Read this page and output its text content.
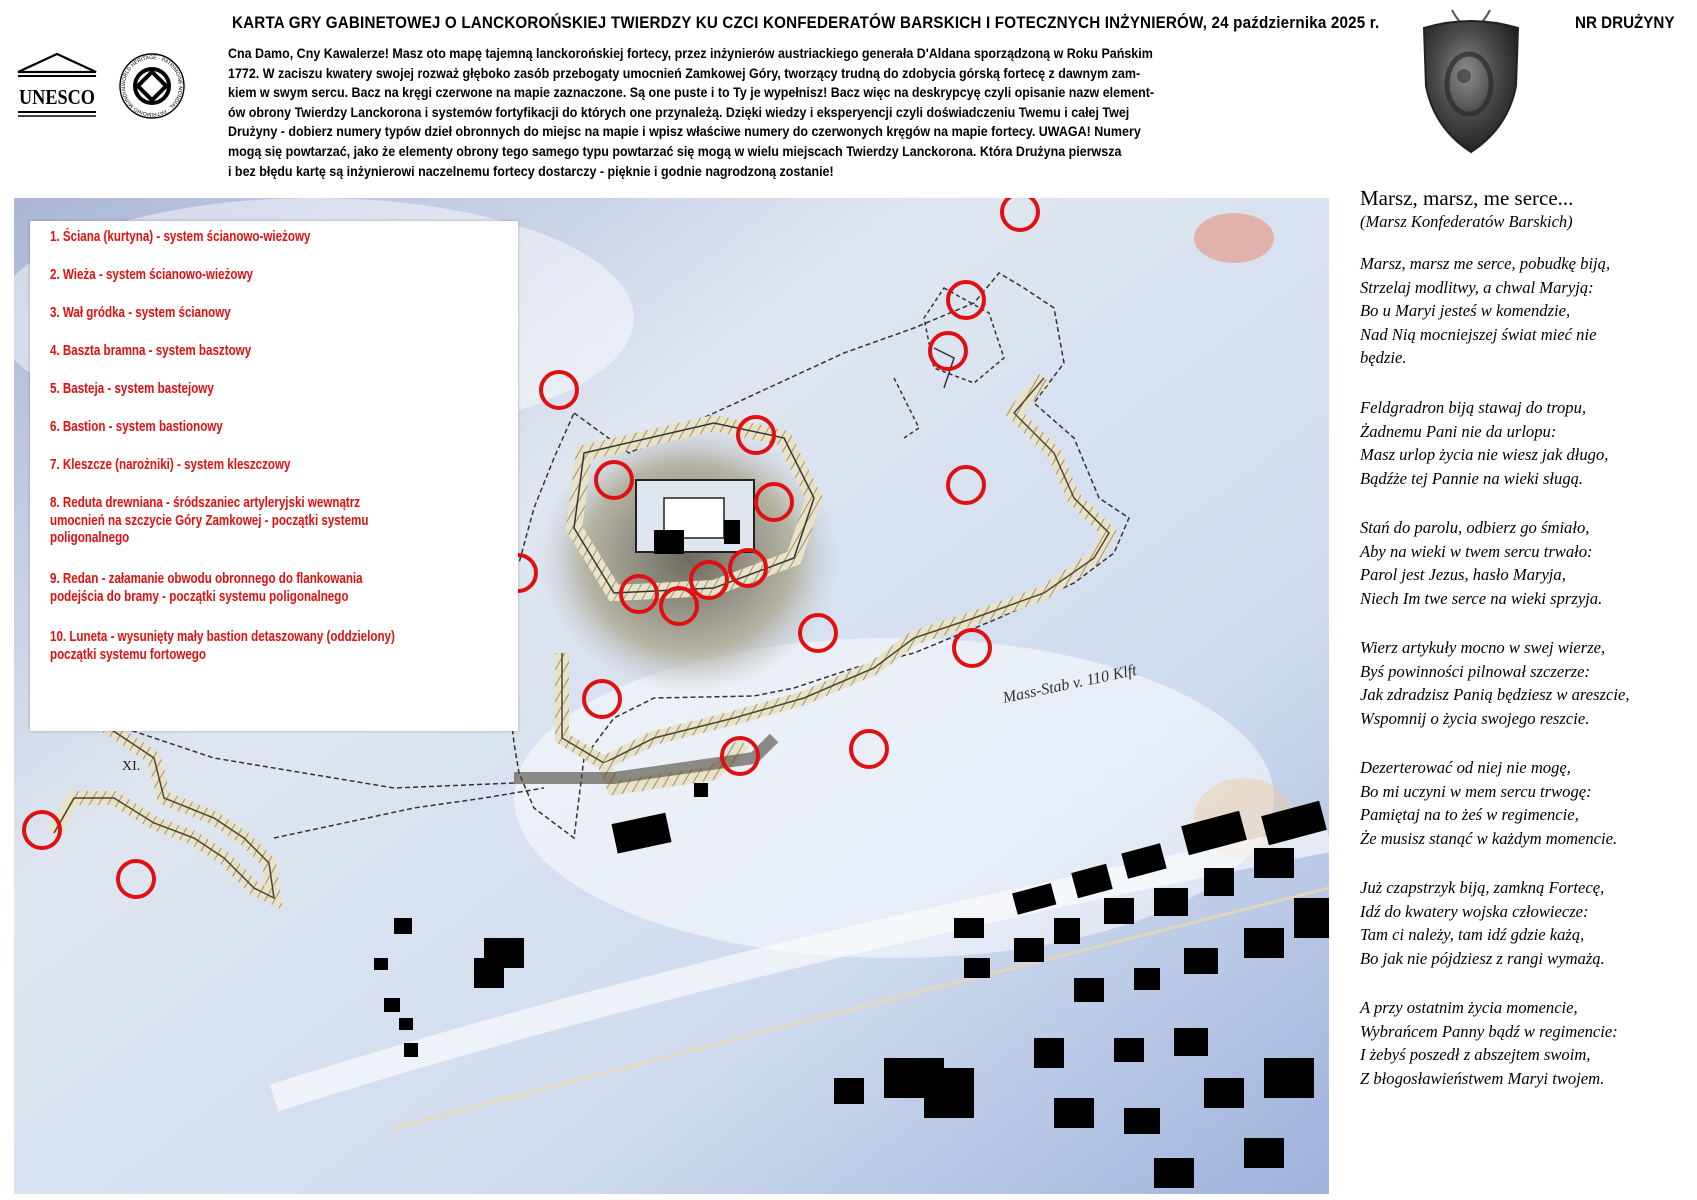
KARTA GRY GABINETOWEJ O LANCKOROŃSKIEJ TWIERDZY KU CZCI KONFEDERATÓW BARSKICH I FOTECZNYCH INŻYNIERÓW, 24 października 2025 r.	NR DRUŻYNY
Cna Damo, Cny Kawalerze! Masz oto mapę tajemną lanckorońskiej fortecy, przez inżynierów austriackiego generała D'Aldana sporządzoną w Roku Pańskim
1772. W zaciszu kwatery swojej rozważ głęboko zasób przebogaty umocnień Zamkowej Góry, tworzący trudną do zdobycia górską fortecę z dawnym zam-
kiem w swym sercu. Bacz na kręgi czerwone na mapie zaznaczone. Są one puste i to Ty je wypełnisz! Bacz więc na deskrypcyę czyli opisanie nazw element-
ów obrony Twierdzy Lanckorona i systemów fortyfikacji do których one przynależą. Dzięki wiedzy i eksperyencji czyli doświadczeniu Twemu i całej Twej
Drużyny - dobierz numery typów dzieł obronnych do miejsc na mapie i wpisz właściwe numery do czerwonych kręgów na mapie fortecy. UWAGA! Numery
mogą się powtarzać, jako że elementy obrony tego samego typu powtarzać się mogą w wielu miejscach Twierdzy Lanckorona. Która Drużyna pierwsza
i bez błędu kartę są inżynierowi naczelnemu fortecy dostarczy - pięknie i godnie nagrodzoną zostanie!
UNESCO
WORLD HERITAGE · PATRIMOINE MONDIAL · PATRIMONIO MUNDIAL
XI.
Mass-Stab v. 110 Klft
1. Ściana (kurtyna) - system ścianowo-wieżowy
2. Wieża - system ścianowo-wieżowy
3. Wał gródka - system ścianowy
4. Baszta bramna - system basztowy
5. Basteja - system bastejowy
6. Bastion - system bastionowy
7. Kleszcze (narożniki) - system kleszczowy
8. Reduta drewniana - śródszaniec artyleryjski wewnątrz
umocnień na szczycie Góry Zamkowej - początki systemu
poligonalnego
9. Redan - załamanie obwodu obronnego do flankowania
podejścia do bramy - początki systemu poligonalnego
10. Luneta - wysunięty mały bastion detaszowany (oddzielony)
początki systemu fortowego
Marsz, marsz, me serce...
(Marsz Konfederatów Barskich)
Marsz, marsz me serce, pobudkę biją,
Strzelaj modlitwy, a chwal Maryją:
Bo u Maryi jesteś w komendzie,
Nad Nią mocniejszej świat mieć nie
będzie.
Feldgradron biją stawaj do tropu,
Żadnemu Pani nie da urlopu:
Masz urlop życia nie wiesz jak długo,
Bądźże tej Pannie na wieki sługą.
Stań do parolu, odbierz go śmiało,
Aby na wieki w twem sercu trwało:
Parol jest Jezus, hasło Maryja,
Niech Im twe serce na wieki sprzyja.
Wierz artykuły mocno w swej wierze,
Byś powinności pilnował szczerze:
Jak zdradzisz Panią będziesz w areszcie,
Wspomnij o życia swojego reszcie.
Dezerterować od niej nie mogę,
Bo mi uczyni w mem sercu trwogę:
Pamiętaj na to żeś w regimencie,
Że musisz stanąć w każdym momencie.
Już czapstrzyk biją, zamkną Fortecę,
Idź do kwatery wojska człowiecze:
Tam ci należy, tam idź gdzie każą,
Bo jak nie pójdziesz z rangi wymażą.
A przy ostatnim życia momencie,
Wybrańcem Panny bądź w regimencie:
I żebyś poszedł z abszejtem swoim,
Z błogosławieństwem Maryi twojem.
